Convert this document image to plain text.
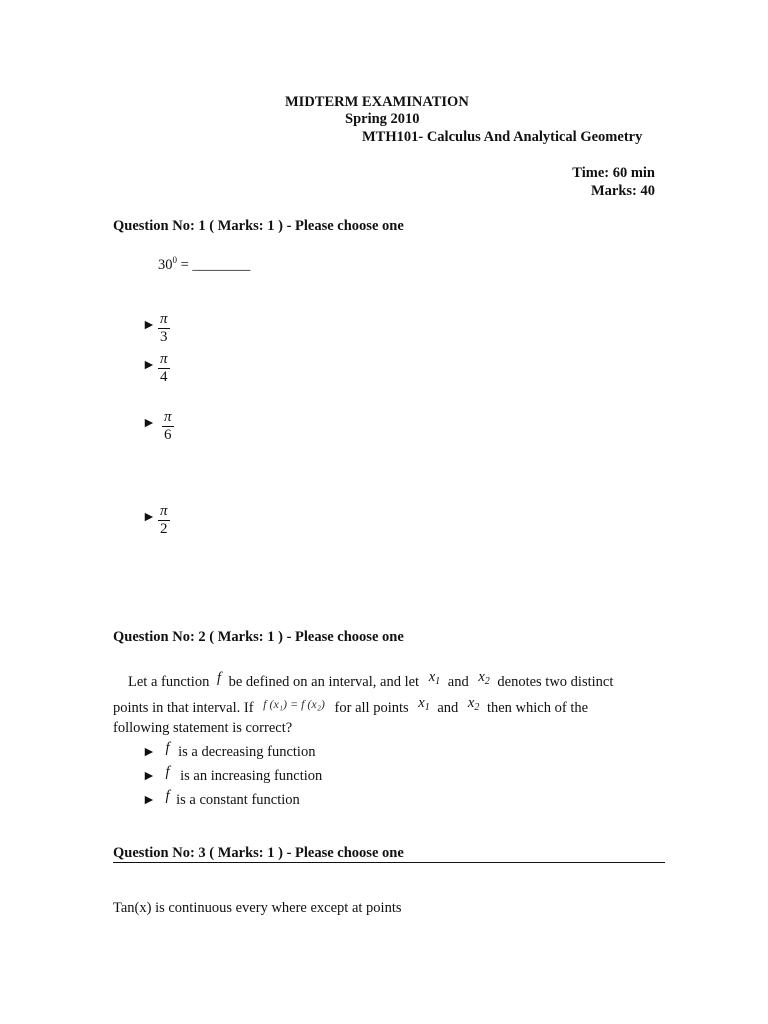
MIDTERM EXAMINATION
Spring 2010
MTH101- Calculus And Analytical Geometry
Time: 60 min
Marks: 40
Question No: 1 ( Marks: 1 ) - Please choose one
$30^0$ = ________
► $\frac{\pi}{3}$
► $\frac{\pi}{4}$
► $\frac{\pi}{6}$
► $\frac{\pi}{2}$
Question No: 2 ( Marks: 1 ) - Please choose one
Let a function f be defined on an interval, and let $x_1$ and $x_2$ denotes two distinct
points in that interval. If $^{f (x_1) = f (x_2)}$ for all points $x_1$ and $x_2$ then which of the
following statement is correct?
► f is a decreasing function
► f is an increasing function
► f is a constant function
Question No: 3 ( Marks: 1 ) - Please choose one
Tan(x) is continuous every where except at points
